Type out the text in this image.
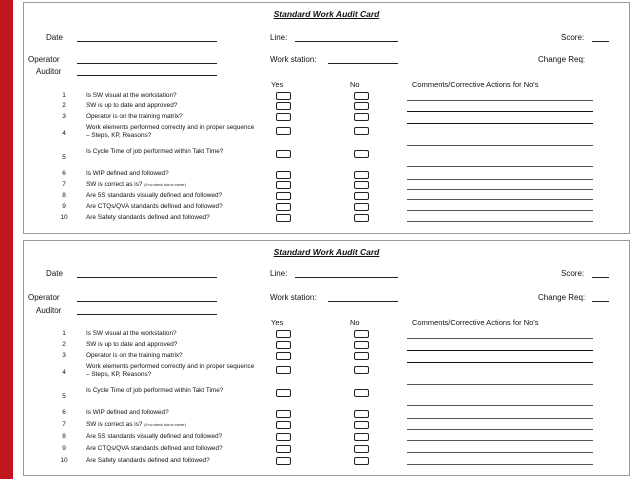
Standard Work Audit Card
Date	Line:	Score:
Operator	Work station:	Change Req:
Auditor
Yes	No	Comments/Corrective Actions for No's
1	Is SW visual at the workstation?
2	SW is up to date and approved?
3	Operator is on the training matrix?
4
Work elements performed correctly and in proper sequence – Steps, KP, Reasons?
5
Is Cycle Time of job performed within Takt Time?
6	Is WIP defined and followed?
7	SW is correct as is? (If no check box in corner)
8	Are 5S standards visually defined and followed?
9	Are CTQs/QVA standards defined and followed?
10	Are Safety standards defined and followed?
Standard Work Audit Card
Date	Line:	Score:
Operator	Work station:	Change Req:
Auditor
Yes	No	Comments/Corrective Actions for No's
1	Is SW visual at the workstation?
2	SW is up to date and approved?
3	Operator is on the training matrix?
4
Work elements performed correctly and in proper sequence – Steps, KP, Reasons?
5
Is Cycle Time of job performed within Takt Time?
6	Is WIP defined and followed?
7	SW is correct as is? (If no check box in corner)
8	Are 5S standards visually defined and followed?
9	Are CTQs/QVA standards defined and followed?
10	Are Safety standards defined and followed?
